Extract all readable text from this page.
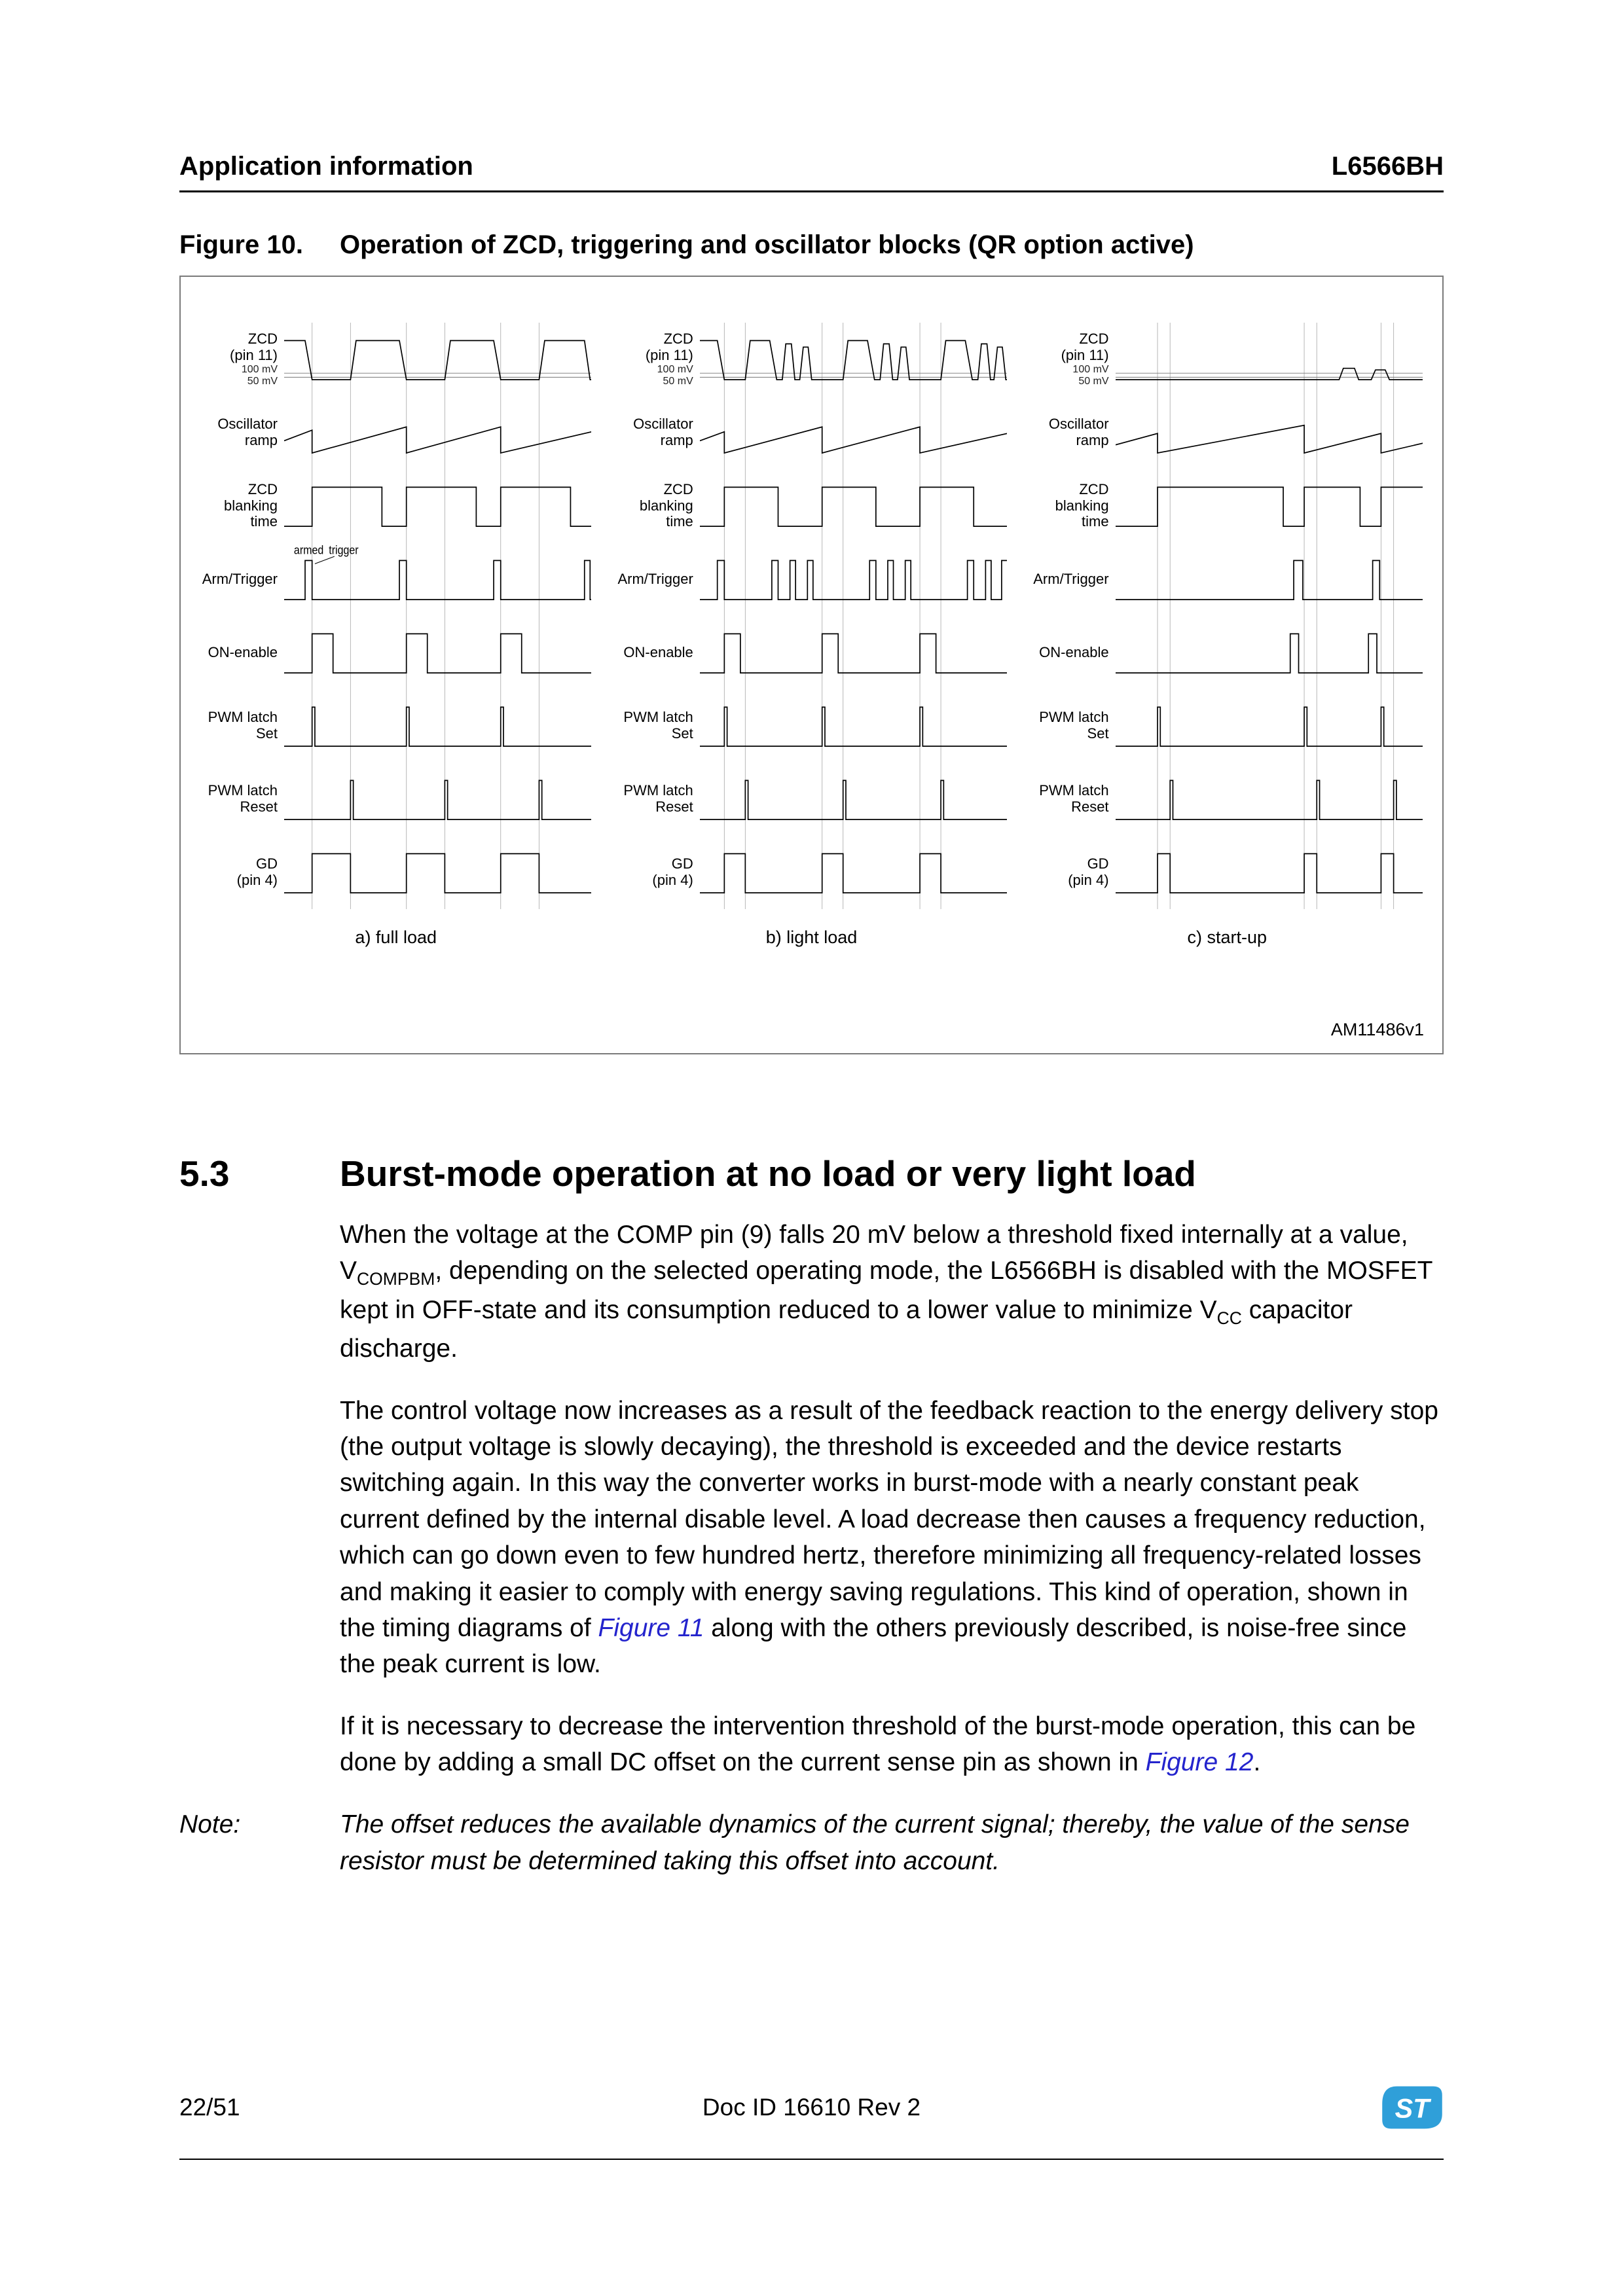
Application information	L6566BH
Figure 10.	Operation of ZCD, triggering and oscillator blocks (QR option active)
ZCD
(pin 11)
100 mV
50 mV
Oscillator
ramp
ZCD
blanking
time
Arm/Trigger
armed trigger
ON-enable
PWM latch
Set
PWM latch
Reset
GD
(pin 4)
a) full load
ZCD
(pin 11)
100 mV
50 mV
Oscillator
ramp
ZCD
blanking
time
Arm/Trigger
ON-enable
PWM latch
Set
PWM latch
Reset
GD
(pin 4)
b) light load
ZCD
(pin 11)
100 mV
50 mV
Oscillator
ramp
ZCD
blanking
time
Arm/Trigger
ON-enable
PWM latch
Set
PWM latch
Reset
GD
(pin 4)
c) start-up
AM11486v1
5.3	Burst-mode operation at no load or very light load

When the voltage at the COMP pin (9) falls 20 mV below a threshold fixed internally at a value, $V_{COMPBM}$, depending on the selected operating mode, the L6566BH is disabled with the MOSFET kept in OFF-state and its consumption reduced to a lower value to minimize $V_{CC}$ capacitor discharge.

The control voltage now increases as a result of the feedback reaction to the energy delivery stop (the output voltage is slowly decaying), the threshold is exceeded and the device restarts switching again. In this way the converter works in burst-mode with a nearly constant peak current defined by the internal disable level. A load decrease then causes a frequency reduction, which can go down even to few hundred hertz, therefore minimizing all frequency-related losses and making it easier to comply with energy saving regulations. This kind of operation, shown in the timing diagrams of Figure 11 along with the others previously described, is noise-free since the peak current is low.

If it is necessary to decrease the intervention threshold of the burst-mode operation, this can be done by adding a small DC offset on the current sense pin as shown in Figure 12.

Note:	The offset reduces the available dynamics of the current signal; thereby, the value of the sense resistor must be determined taking this offset into account.
22/51	Doc ID 16610 Rev 2	ST
